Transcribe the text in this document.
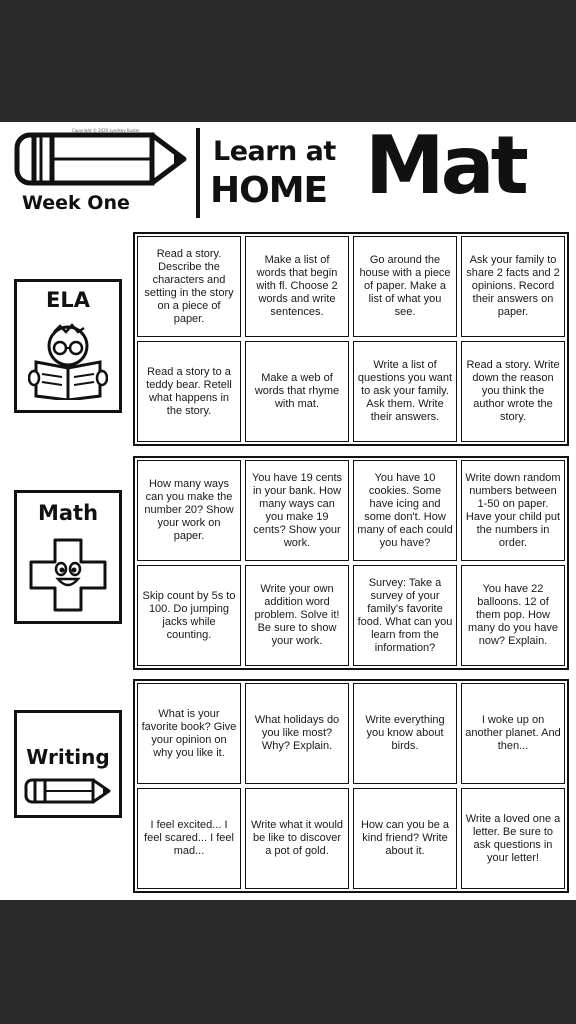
Copyright © 2020 Lyndsey Kuster
Week One
Learn at
HOME Mat
ELA
Read a story. Describe the characters and setting in the story on a piece of paper.
Make a list of words that begin with fl. Choose 2 words and write sentences.
Go around the house with a piece of paper. Make a list of what you see.
Ask your family to share 2 facts and 2 opinions. Record their answers on paper.
Read a story to a teddy bear. Retell what happens in the story.
Make a web of words that rhyme with mat.
Write a list of questions you want to ask your family. Ask them. Write their answers.
Read a story. Write down the reason you think the author wrote the story.
Math
How many ways can you make the number 20? Show your work on paper.
You have 19 cents in your bank. How many ways can you make 19 cents? Show your work.
You have 10 cookies. Some have icing and some don't. How many of each could you have?
Write down random numbers between 1-50 on paper. Have your child put the numbers in order.
Skip count by 5s to 100. Do jumping jacks while counting.
Write your own addition word problem. Solve it! Be sure to show your work.
Survey: Take a survey of your family's favorite food. What can you learn from the information?
You have 22 balloons. 12 of them pop. How many do you have now? Explain.
Writing
What is your favorite book? Give your opinion on why you like it.
What holidays do you like most? Why? Explain.
Write everything you know about birds.
I woke up on another planet. And then...
I feel excited... I feel scared... I feel mad...
Write what it would be like to discover a pot of gold.
How can you be a kind friend? Write about it.
Write a loved one a letter. Be sure to ask questions in your letter!
